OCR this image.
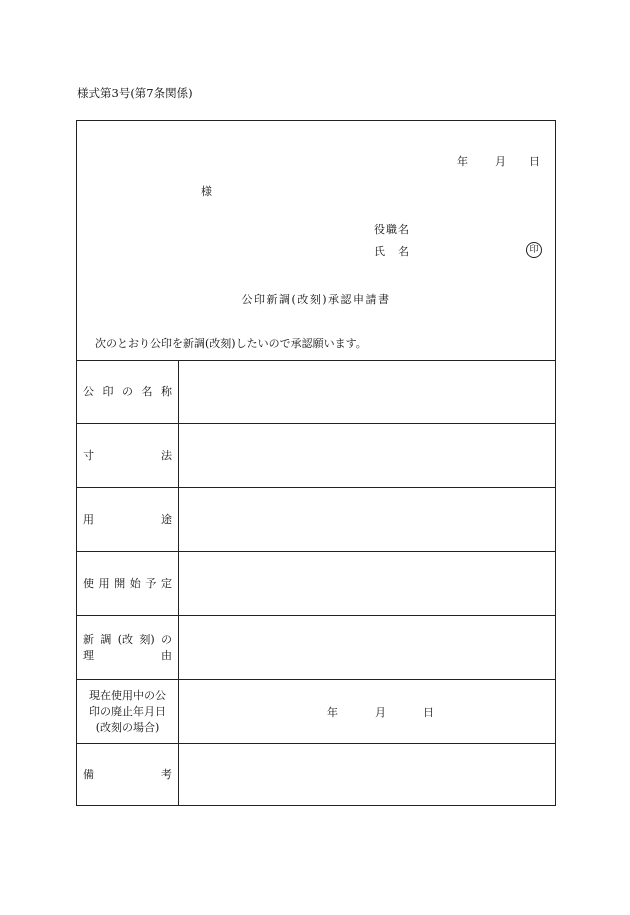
様式第3号(第7条関係)
年 月 日
様
役職名
氏 名	印
公印新調(改刻)承認申請書
次のとおり公印を新調(改刻)したいので承認願います。
公 印 の 名 称
寸	法
用	途
使 用 開 始 予 定
新 調 (改 刻) の
理	由
現在使用中の公
印の廃止年月日
(改刻の場合)
年	月	日
備	考
